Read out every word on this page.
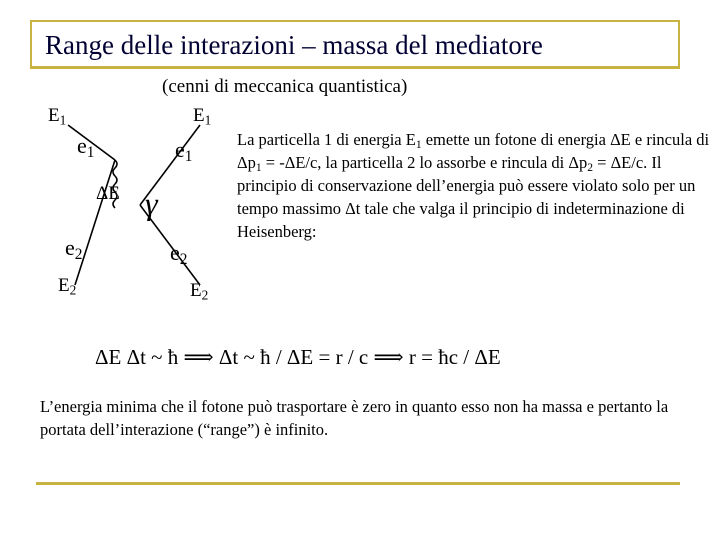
Range delle interazioni – massa del mediatore
(cenni di meccanica quantistica)
$E_1$	$E_1$
$e_1$	$e_1$
ΔE γ
$e_2$	$e_2$
$E_2$	$E_2$
La particella 1 di energia $E_1$ emette un fotone di energia ΔE e rincula di $\Delta p_1 = -\Delta E/c$, la particella 2 lo assorbe e rincula di $\Delta p_2 = \Delta E/c$. Il principio di conservazione dell’energia può essere violato solo per un tempo massimo Δt tale che valga il principio di indeterminazione di Heisenberg:
ΔE Δt ~ ħ ⟹ Δt ~ ħ / ΔE = r / c ⟹ r = ħc / ΔE
L’energia minima che il fotone può trasportare è zero in quanto esso non ha massa e pertanto la portata dell’interazione (“range”) è infinito.
